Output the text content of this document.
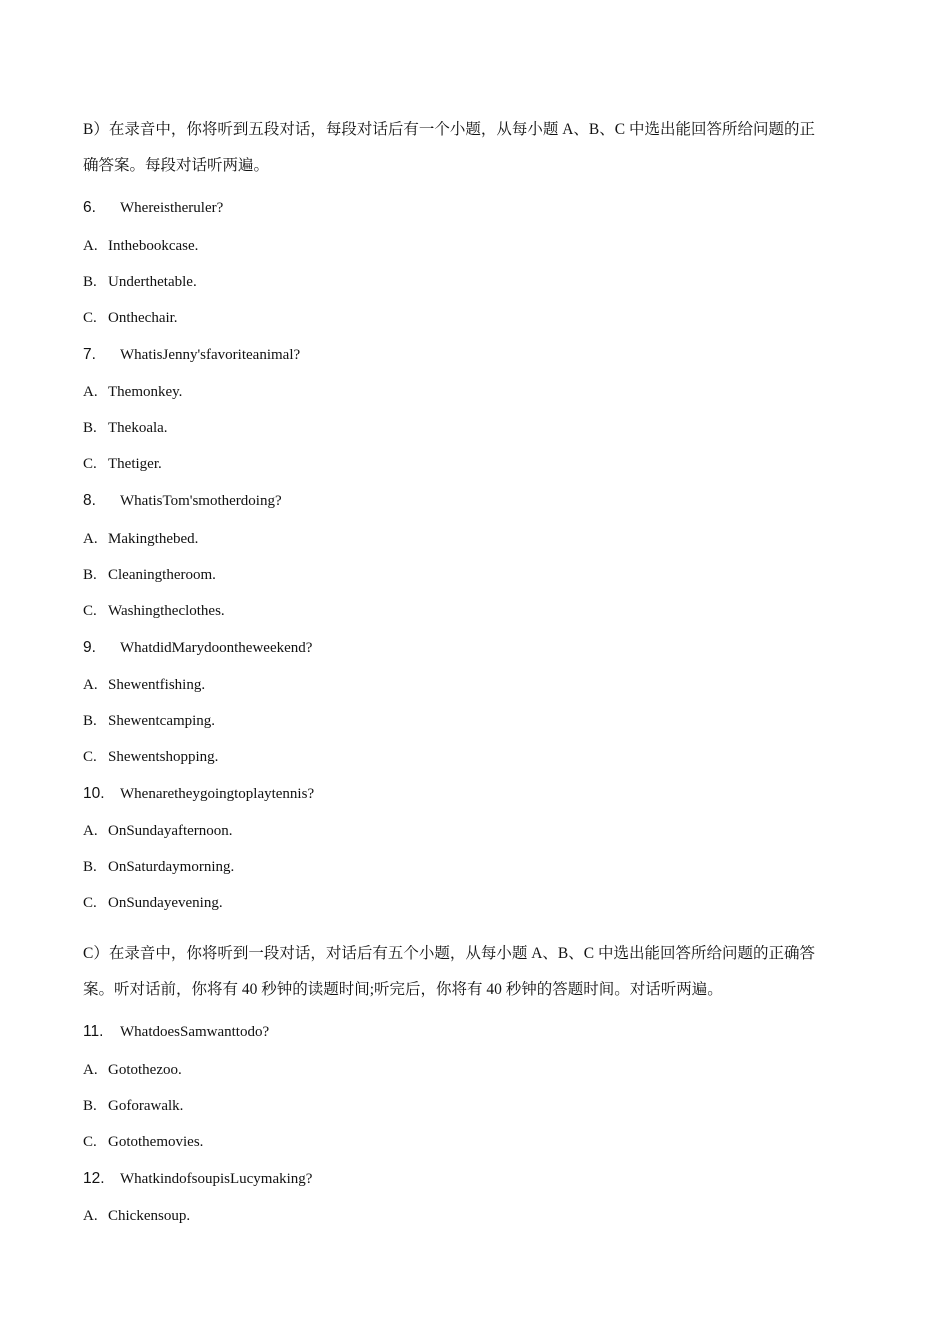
B）在录音中，你将听到五段对话，每段对话后有一个小题，从每小题 A、B、C 中选出能回答所给问题的正
确答案。每段对话听两遍。
6. Whereistheruler?
A. Inthebookcase.
B. Underthetable.
C. Onthechair.
7. WhatisJenny'sfavoriteanimal?
A. Themonkey.
B. Thekoala.
C. Thetiger.
8. WhatisTom'smotherdoing?
A. Makingthebed.
B. Cleaningtheroom.
C. Washingtheclothes.
9. WhatdidMarydoontheweekend?
A. Shewentfishing.
B. Shewentcamping.
C. Shewentshopping.
10. Whenaretheygoingtoplaytennis?
A. OnSundayafternoon.
B. OnSaturdaymorning.
C. OnSundayevening.
C）在录音中，你将听到一段对话，对话后有五个小题，从每小题 A、B、C 中选出能回答所给问题的正确答
案。听对话前，你将有 40 秒钟的读题时间;听完后，你将有 40 秒钟的答题时间。对话听两遍。
11. WhatdoesSamwanttodo?
A. Gotothezoo.
B. Goforawalk.
C. Gotothemovies.
12. WhatkindofsoupisLucymaking?
A. Chickensoup.
